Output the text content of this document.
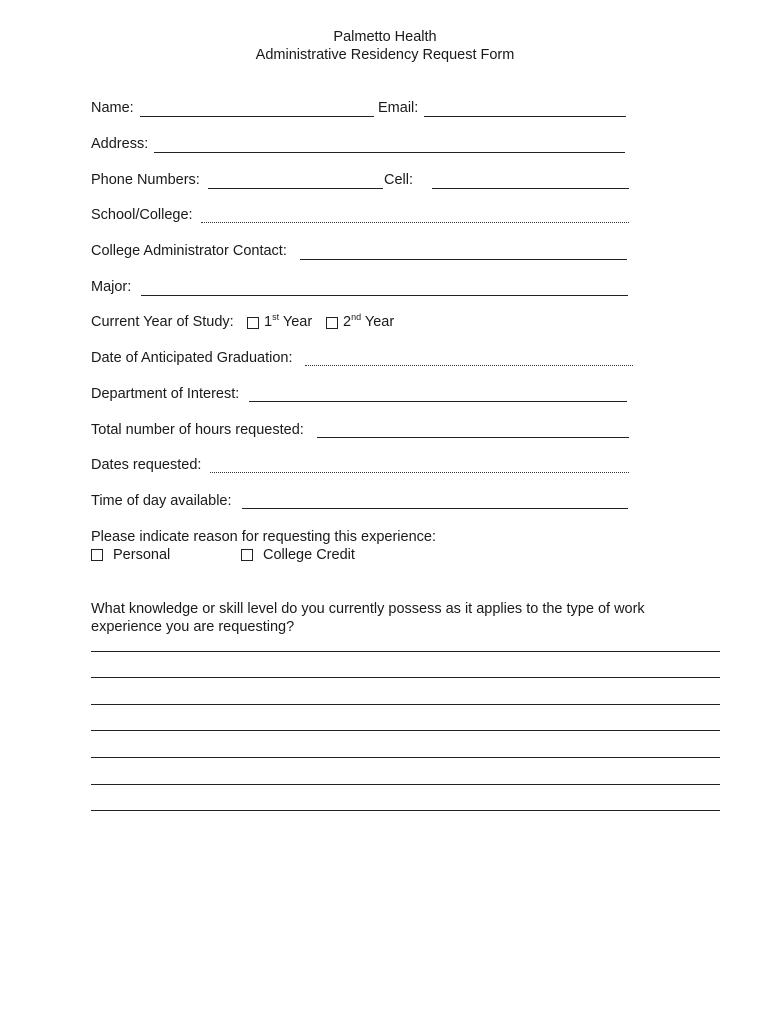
Palmetto Health
Administrative Residency Request Form
Name:	Email:
Address:
Phone Numbers:	Cell:
School/College:
College Administrator Contact:
Major:
Current Year of Study: 1st Year 2nd Year
Date of Anticipated Graduation:
Department of Interest:
Total number of hours requested:
Dates requested:
Time of day available:
Please indicate reason for requesting this experience:
Personal	College Credit
What knowledge or skill level do you currently possess as it applies to the type of work
experience you are requesting?
